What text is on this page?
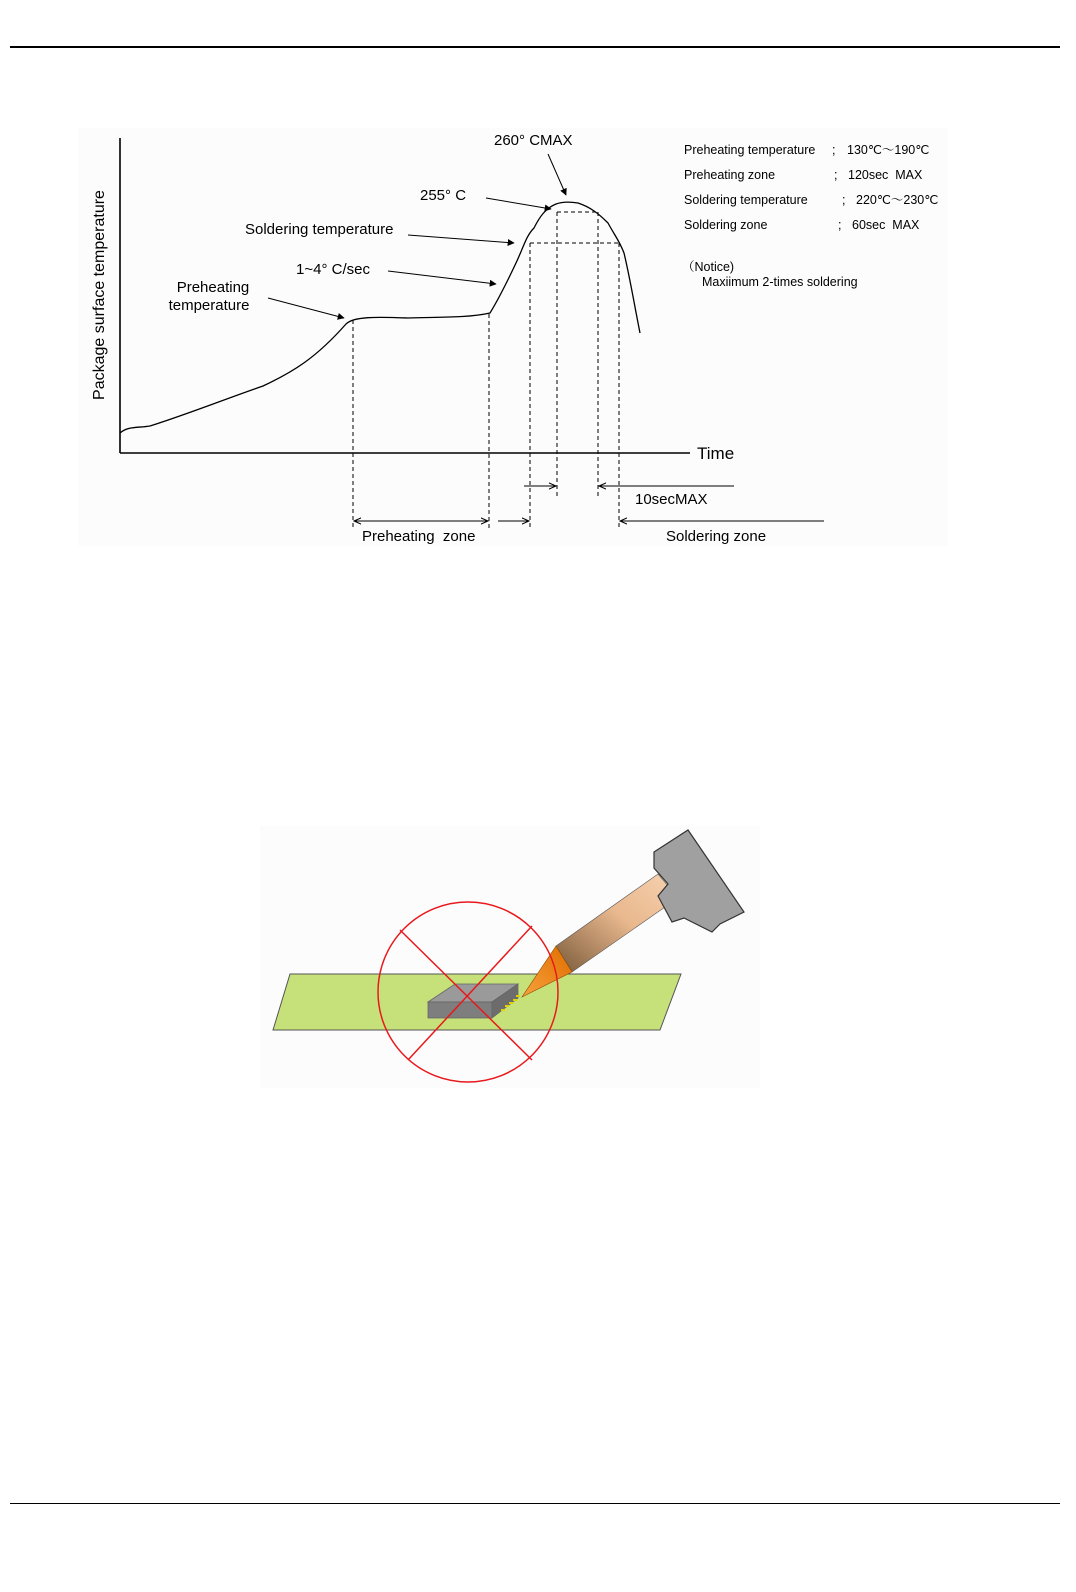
Package surface temperature
Time
260° CMAX
255° C
Soldering temperature
1~4° C/sec
Preheating
temperature
10secMAX
Preheating  zone	Soldering zone
Preheating temperature ; 130℃～190℃
Preheating zone	; 120sec  MAX
Soldering temperature	; 220℃～230℃
Soldering zone	; 60sec  MAX
（Notice)
Maxiimum 2-times soldering
